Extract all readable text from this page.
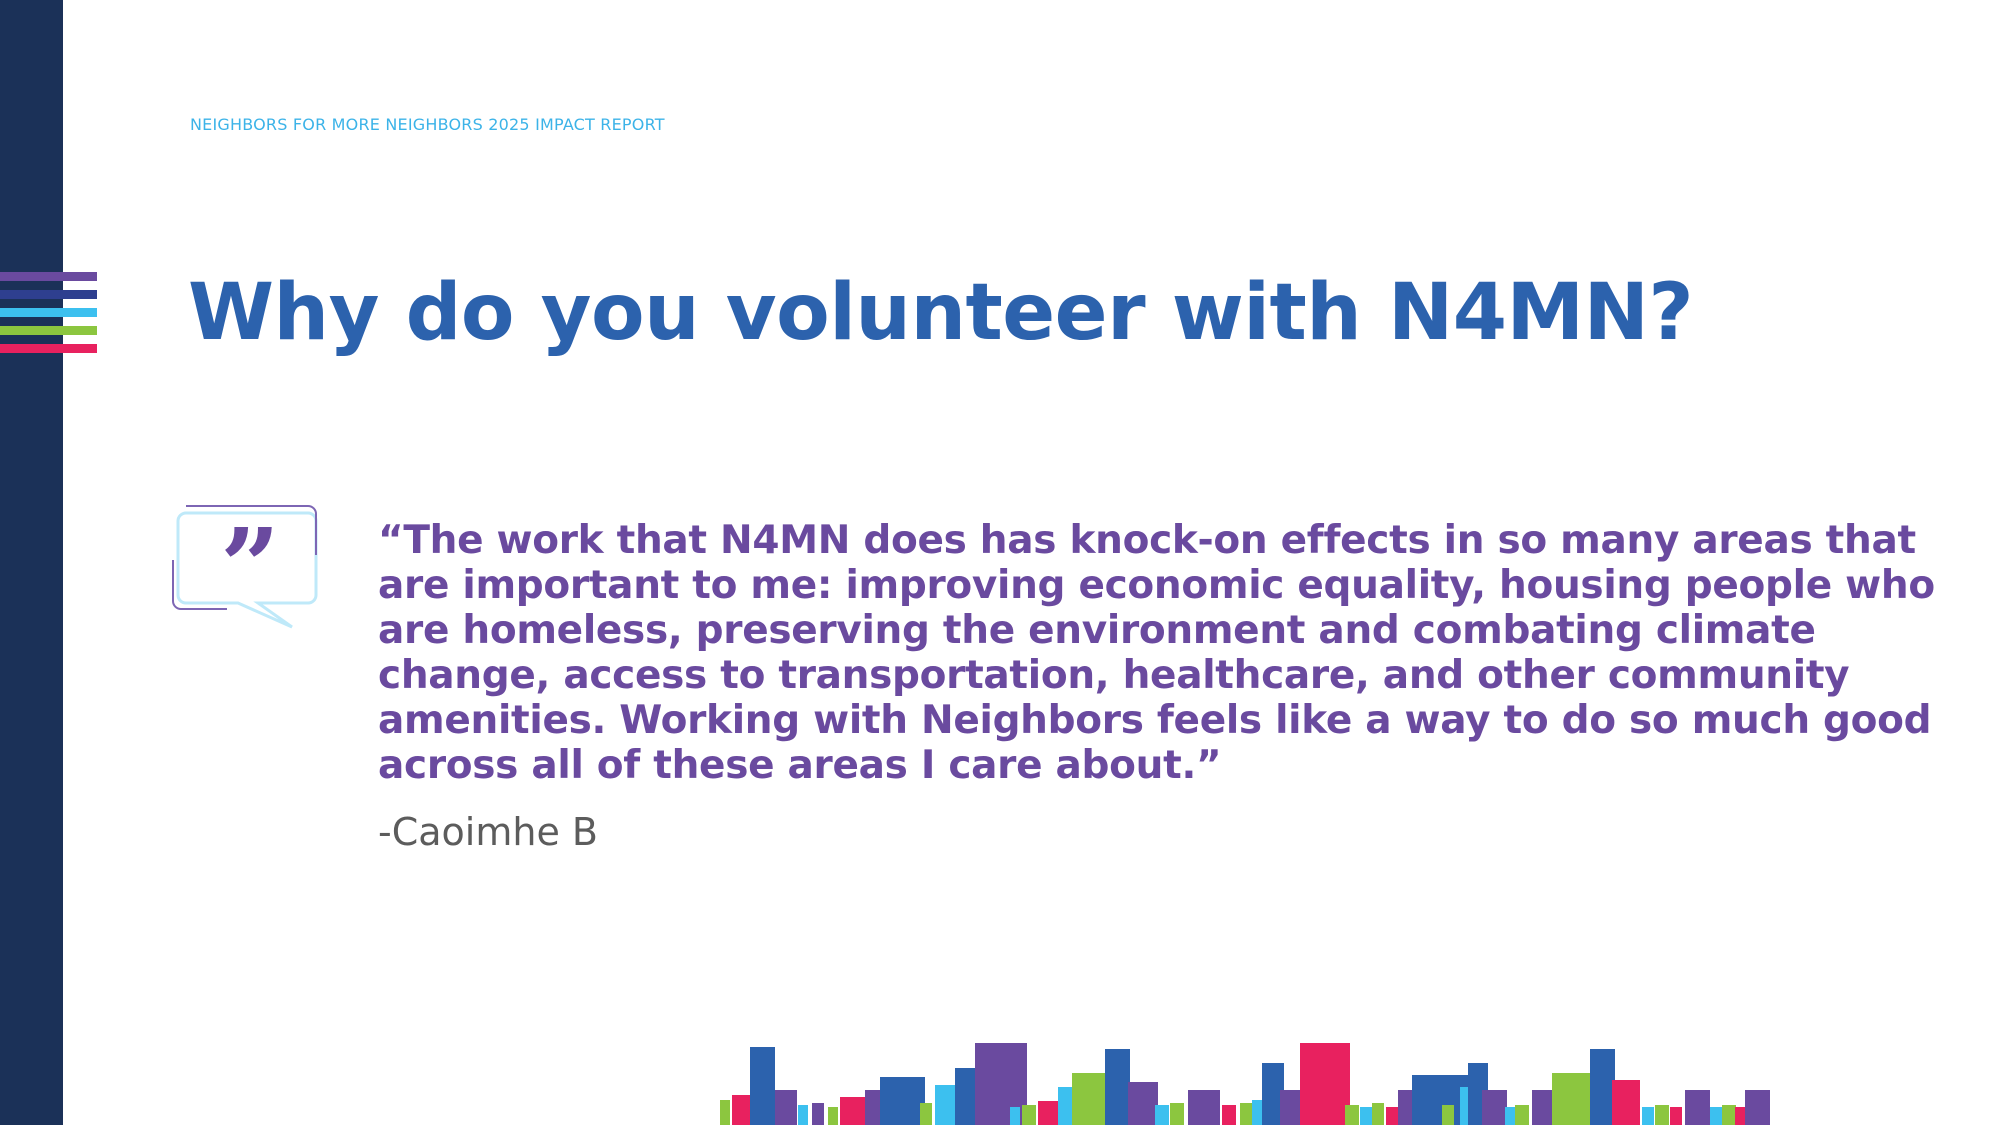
NEIGHBORS FOR MORE NEIGHBORS 2025 IMPACT REPORT
Why do you volunteer with N4MN?
”	“The work that N4MN does has knock-on effects in so many areas that
are important to me: improving economic equality, housing people who
are homeless, preserving the environment and combating climate
change, access to transportation, healthcare, and other community
amenities. Working with Neighbors feels like a way to do so much good
across all of these areas I care about.”

-Caoimhe B
